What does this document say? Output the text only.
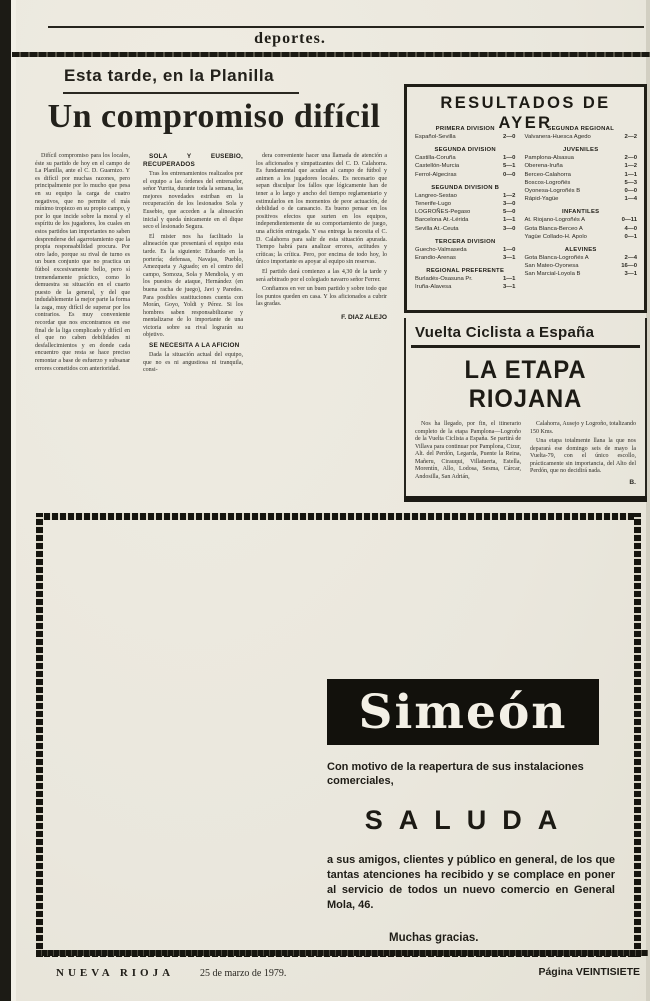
deportes.
Esta tarde, en la Planilla
Un compromiso difícil

Difícil compromiso para los locales, éste su partido de hoy en el campo de La Planilla, ante el C. D. Guarnizo. Y es difícil por muchas razones, pero principalmente por lo mucho que pesa en su equipo la carga de cuatro negativos, que no permite el más mínimo tropiezo en su propio campo, y por lo que incide sobre la moral y el espíritu de los jugadores, los cuales en estos partidos tan importantes no saben desprenderse del agarrotamiento que la propia responsabilidad procura. Por otro lado, porque su rival de turno es un buen conjunto que no practica un fútbol excesivamente bello, pero sí tremendamente práctico, como lo demuestra su situación en el cuarto puesto de la general, y del que indudablemente la mejor parte la forma la zaga, muy difícil de superar por los contrarios. Es muy conveniente recordar que nos encontramos en ese final de la liga complicado y difícil en el que no caben debilidades ni desfallecimientos y en donde cada encuentro que resta se hace preciso remontar a base de esfuerzo y subsanar errores cometidos con anterioridad.

SOLA Y EUSEBIO, RECUPERADOS

Tras los entrenamientos realizados por el equipo a las órdenes del entrenador, señor Yurrita, durante toda la semana, las mejores novedades estriban en la recuperación de los lesionados Sola y Eusebio, que acceden a la alineación inicial y queda únicamente en el dique seco el lesionado Segura.

El mister nos ha facilitado la alineación que presentará el equipo esta tarde. Es la siguiente: Eduardo en la portería; defensas, Navajas, Pueblo, Amezqueta y Aguado; en el centro del campo, Somoza, Sola y Mendiola, y en los puestos de ataque, Hernández (en buena racha de juego), Javi y Paredes. Para posibles sustituciones cuenta con Morán, Goyo, Yoldi y Pérez. Si los hombres saben responsabilizarse y mentalizarse de lo importante de una victoria sobre su rival lograrán su objetivo.

SE NECESITA A LA AFICION

Dada la situación actual del equipo, que no es ni angustiosa ni tranquila, consi-

dera conveniente hacer una llamada de atención a los aficionados y simpatizantes del C. D. Calahorra. Es fundamental que acudan al campo de fútbol y animen a los jugadores locales. Es necesario que sepan disculpar los fallos que lógicamente han de tener a lo largo y ancho del tiempo reglamentario y estimularlos en los momentos de peor actuación, de debilidad o de cansancio. Es bueno pensar en los positivos efectos que surten en los equipos, independientemente de su comportamiento de juego, una afición entregada. Y esa entrega la necesita el C. D. Calahorra para salir de esta situación apurada. Tiempo habrá para analizar errores, actitudes y críticas; la crítica. Pero, por encima de todo hoy, lo único importante es apoyar al equipo sin reservas.

El partido dará comienzo a las 4,30 de la tarde y será arbitrado por el colegiado navarro señor Ferrer.

Confiamos en ver un buen partido y sobre todo que los puntos queden en casa. Y los aficionados a cubrir las gradas.

F. DIAZ ALEJO
RESULTADOS DE AYER
PRIMERA DIVISION
Español-Sevilla	2—0
SEGUNDA DIVISION
Castilla-Coruña	1—0
Castellón-Murcia	5—1
Ferrol-Algeciras	0—0
SEGUNDA DIVISION B
Langreo-Sestao	1—2
Tenerife-Lugo	3—0
LOGROÑES-Pegaso	5—0
Barcelona At.-Lérida	1—1
Sevilla At.-Ceuta	3—0
TERCERA DIVISION
Guecho-Valmaseda	1—0
Erandio-Arenas	3—1
REGIONAL PREFERENTE
Burladés-Osasuna Pr.	1—1
Iruña-Alavesa	3—1
SEGUNDA REGIONAL
Valvanera-Huesca Agedo	2—2
JUVENILES
Pamplona-Alsasua	2—0
Oberena-Iruña	1—2
Berceo-Calahorra	1—1
Boscos-Logroñés	5—3
Oyonesa-Logroñés B	0—0
Rápid-Yagüe	1—4
INFANTILES
At. Riojano-Logroñés A	0—11
Gota Blanca-Berceo A	4—0
Yagüe Collado-H. Apolo	0—1
ALEVINES
Gota Blanca-Logroñés A	2—4
San Mateo-Oyonesa	16—0
San Marcial-Loyola B	3—1
Vuelta Ciclista a España
LA ETAPA RIOJANA

Nos ha llegado, por fin, el itinerario completo de la etapa Pamplona—Logroño de la Vuelta Ciclista a España. Se partirá de Villava para continuar por Pamplona, Cizur, Alt. del Perdón, Legarda, Puente la Reina, Mañeru, Cirauqui, Villatuerta, Estella, Morentín, Allo, Lodosa, Sesma, Cárcar, Andosilla, San Adrián,

Calahorra, Ausejo y Logroño, totalizando 150 Kms.

Una etapa totalmente llana la que nos deparará ese domingo seis de mayo la Vuelta-79, con el único escollo, prácticamente sin importancia, del Alto del Perdón, que no decidirá nada.

B.
Simeón
Con motivo de la reapertura de sus instalaciones comerciales,
SALUDA
a sus amigos, clientes y público en general, de los que tantas atenciones ha recibido y se complace en poner al servicio de todos un nuevo comercio en General Mola, 46.
Muchas gracias.
NUEVA RIOJA	25 de marzo de 1979.	Página VEINTISIETE
